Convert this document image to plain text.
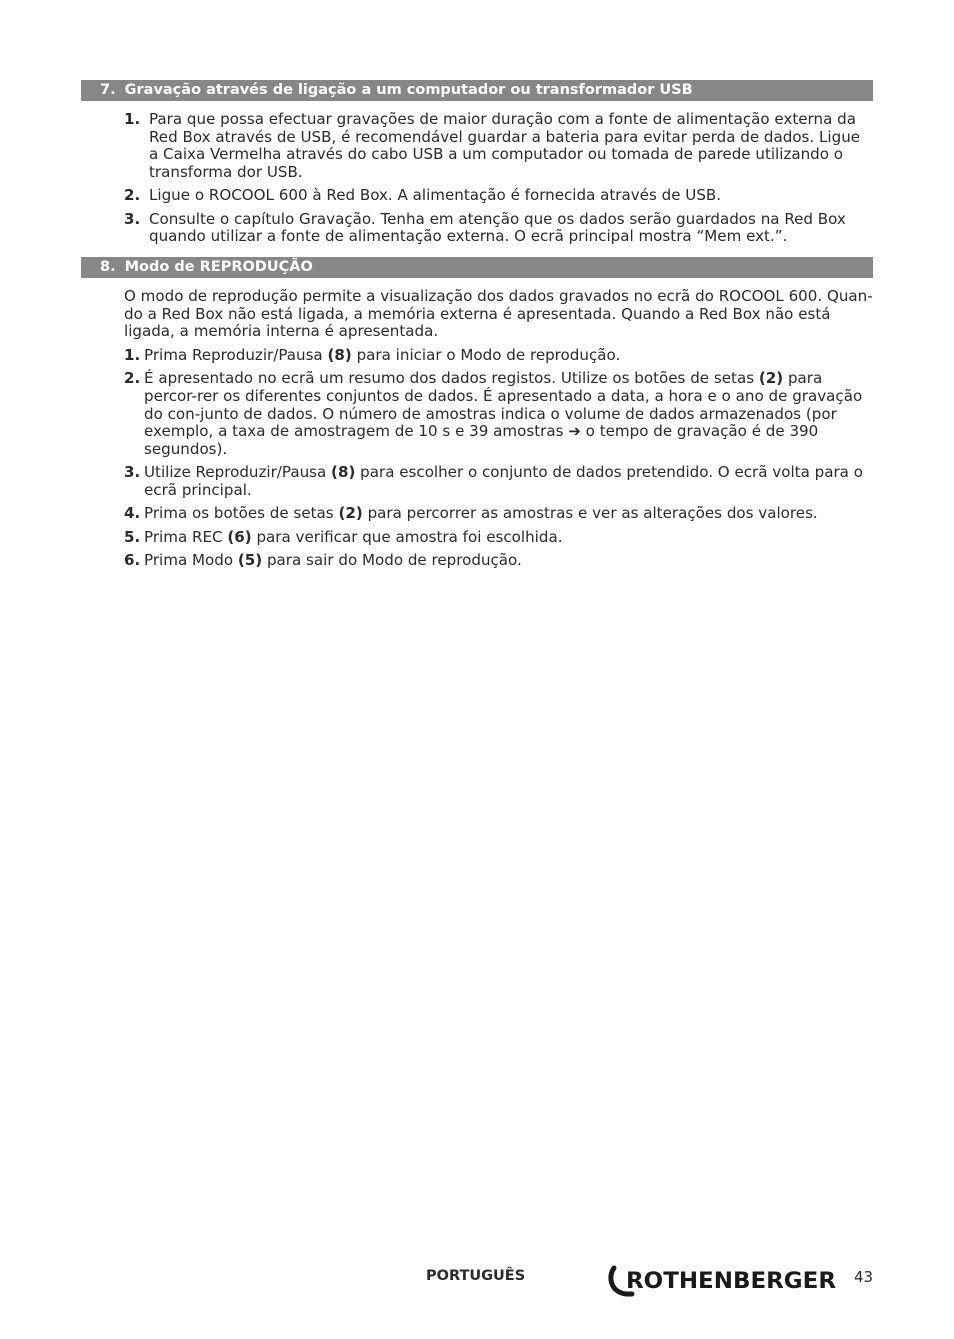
7. Gravação através de ligação a um computador ou transformador USB
1. Para que possa efectuar gravações de maior duração com a fonte de alimentação externa da Red Box através de USB, é recomendável guardar a bateria para evitar perda de dados. Ligue a Caixa Vermelha através do cabo USB a um computador ou tomada de parede utilizando o transforma dor USB.
2. Ligue o ROCOOL 600 à Red Box. A alimentação é fornecida através de USB.
3. Consulte o capítulo Gravação. Tenha em atenção que os dados serão guardados na Red Box quando utilizar a fonte de alimentação externa. O ecrã principal mostra “Mem ext.”.
8. Modo de REPRODUÇÃO

O modo de reprodução permite a visualização dos dados gravados no ecrã do ROCOOL 600. Quan-do a Red Box não está ligada, a memória externa é apresentada. Quando a Red Box não está ligada, a memória interna é apresentada.

1. Prima Reproduzir/Pausa (8) para iniciar o Modo de reprodução.
2. É apresentado no ecrã um resumo dos dados registos. Utilize os botões de setas (2) para percor-rer os diferentes conjuntos de dados. É apresentado a data, a hora e o ano de gravação do con-junto de dados. O número de amostras indica o volume de dados armazenados (por exemplo, a taxa de amostragem de 10 s e 39 amostras ➔ o tempo de gravação é de 390 segundos).
3. Utilize Reproduzir/Pausa (8) para escolher o conjunto de dados pretendido. O ecrã volta para o ecrã principal.
4. Prima os botões de setas (2) para percorrer as amostras e ver as alterações dos valores.
5. Prima REC (6) para verificar que amostra foi escolhida.
6. Prima Modo (5) para sair do Modo de reprodução.
PORTUGUÊS	ROTHENBERGER 43
